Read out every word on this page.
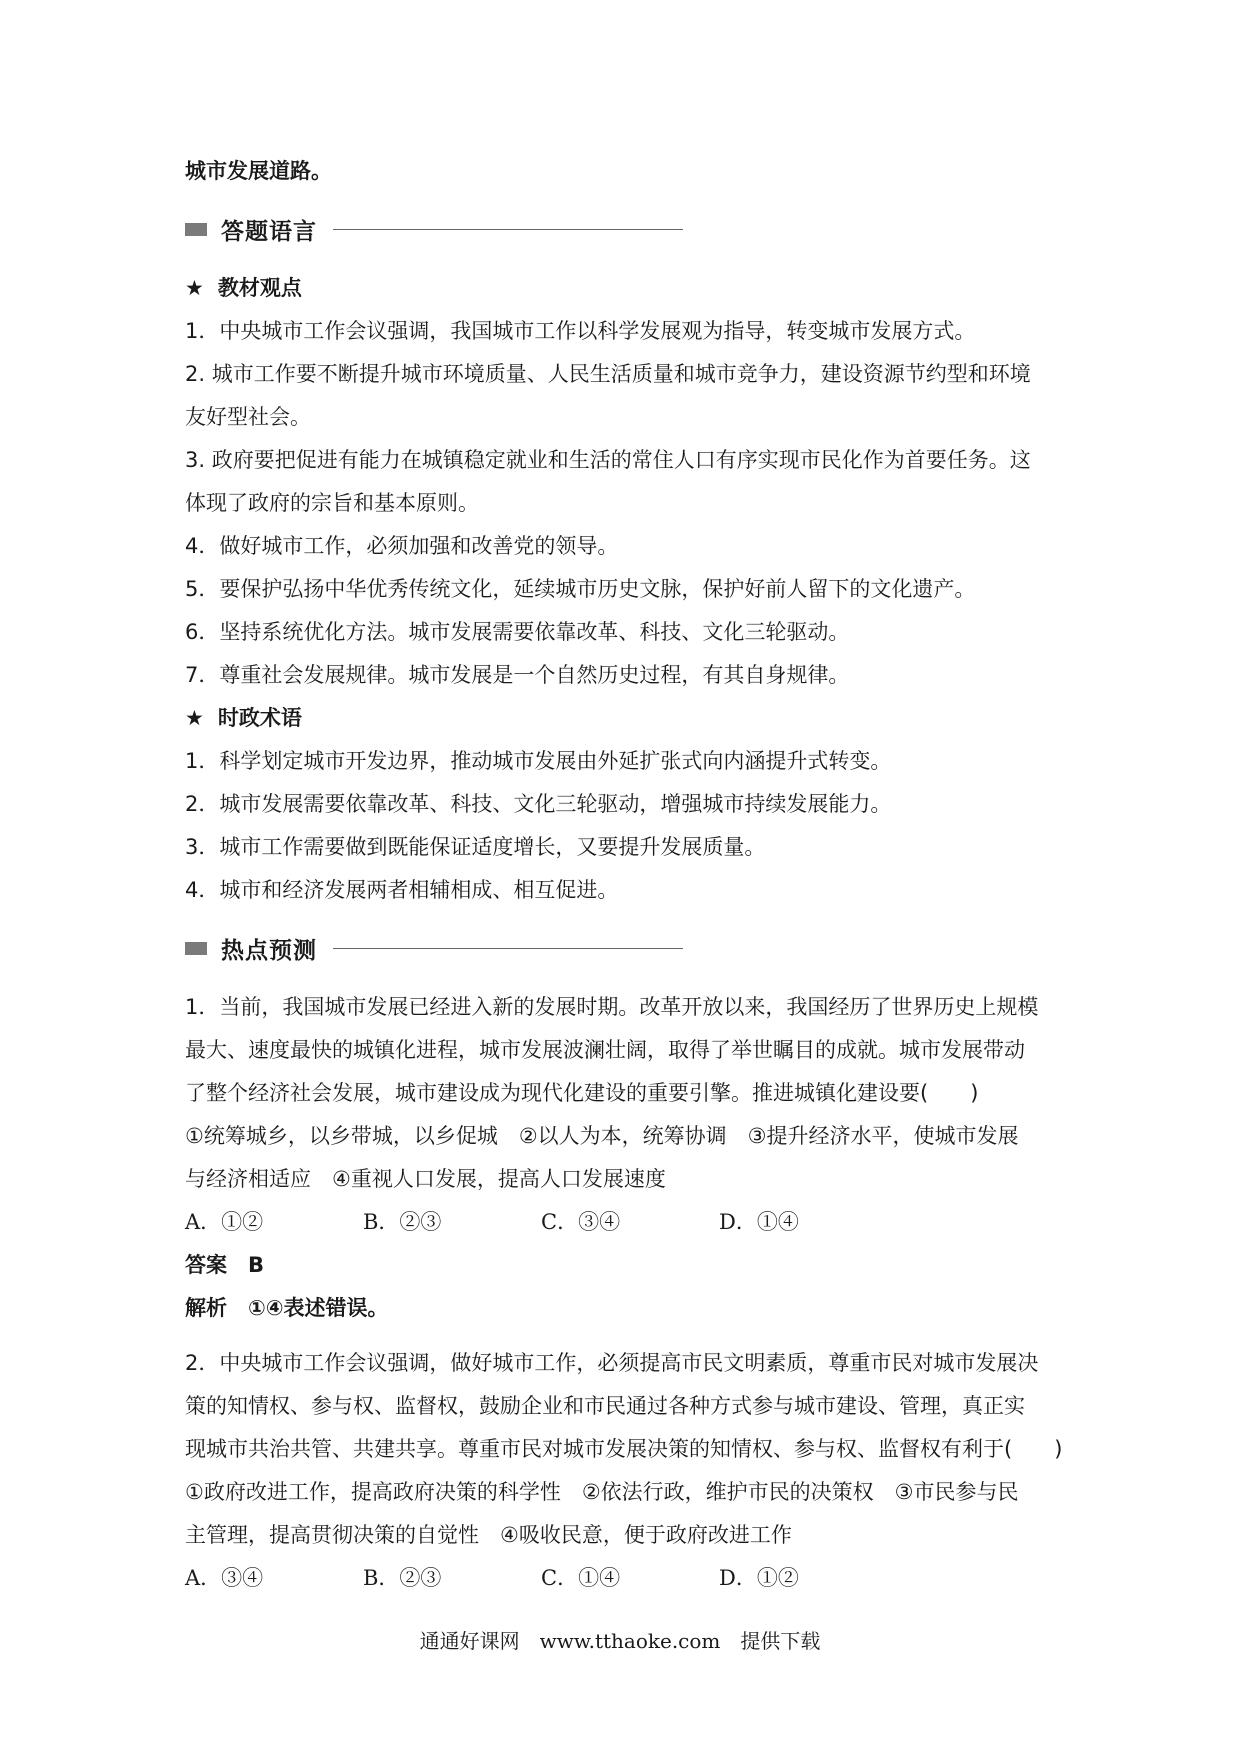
城市发展道路。
答题语言
★ 教材观点
1．中央城市工作会议强调，我国城市工作以科学发展观为指导，转变城市发展方式。
2. 城市工作要不断提升城市环境质量、人民生活质量和城市竞争力，建设资源节约型和环境
友好型社会。
3. 政府要把促进有能力在城镇稳定就业和生活的常住人口有序实现市民化作为首要任务。这
体现了政府的宗旨和基本原则。
4．做好城市工作，必须加强和改善党的领导。
5．要保护弘扬中华优秀传统文化，延续城市历史文脉，保护好前人留下的文化遗产。
6．坚持系统优化方法。城市发展需要依靠改革、科技、文化三轮驱动。
7．尊重社会发展规律。城市发展是一个自然历史过程，有其自身规律。
★ 时政术语
1．科学划定城市开发边界，推动城市发展由外延扩张式向内涵提升式转变。
2．城市发展需要依靠改革、科技、文化三轮驱动，增强城市持续发展能力。
3．城市工作需要做到既能保证适度增长，又要提升发展质量。
4．城市和经济发展两者相辅相成、相互促进。
热点预测
1．当前，我国城市发展已经进入新的发展时期。改革开放以来，我国经历了世界历史上规模
最大、速度最快的城镇化进程，城市发展波澜壮阔，取得了举世瞩目的成就。城市发展带动
了整个经济社会发展，城市建设成为现代化建设的重要引擎。推进城镇化建设要(　　)
①统筹城乡，以乡带城，以乡促城　②以人为本，统筹协调　③提升经济水平，使城市发展
与经济相适应　④重视人口发展，提高人口发展速度
A．①②	B．②③	C．③④	D．①④
答案　B
解析　①④表述错误。
2．中央城市工作会议强调，做好城市工作，必须提高市民文明素质，尊重市民对城市发展决
策的知情权、参与权、监督权，鼓励企业和市民通过各种方式参与城市建设、管理，真正实
现城市共治共管、共建共享。尊重市民对城市发展决策的知情权、参与权、监督权有利于(　　)
①政府改进工作，提高政府决策的科学性　②依法行政，维护市民的决策权　③市民参与民
主管理，提高贯彻决策的自觉性　④吸收民意，便于政府改进工作
A．③④	B．②③	C．①④	D．①②
通通好课网　www.tthaoke.com　提供下载
